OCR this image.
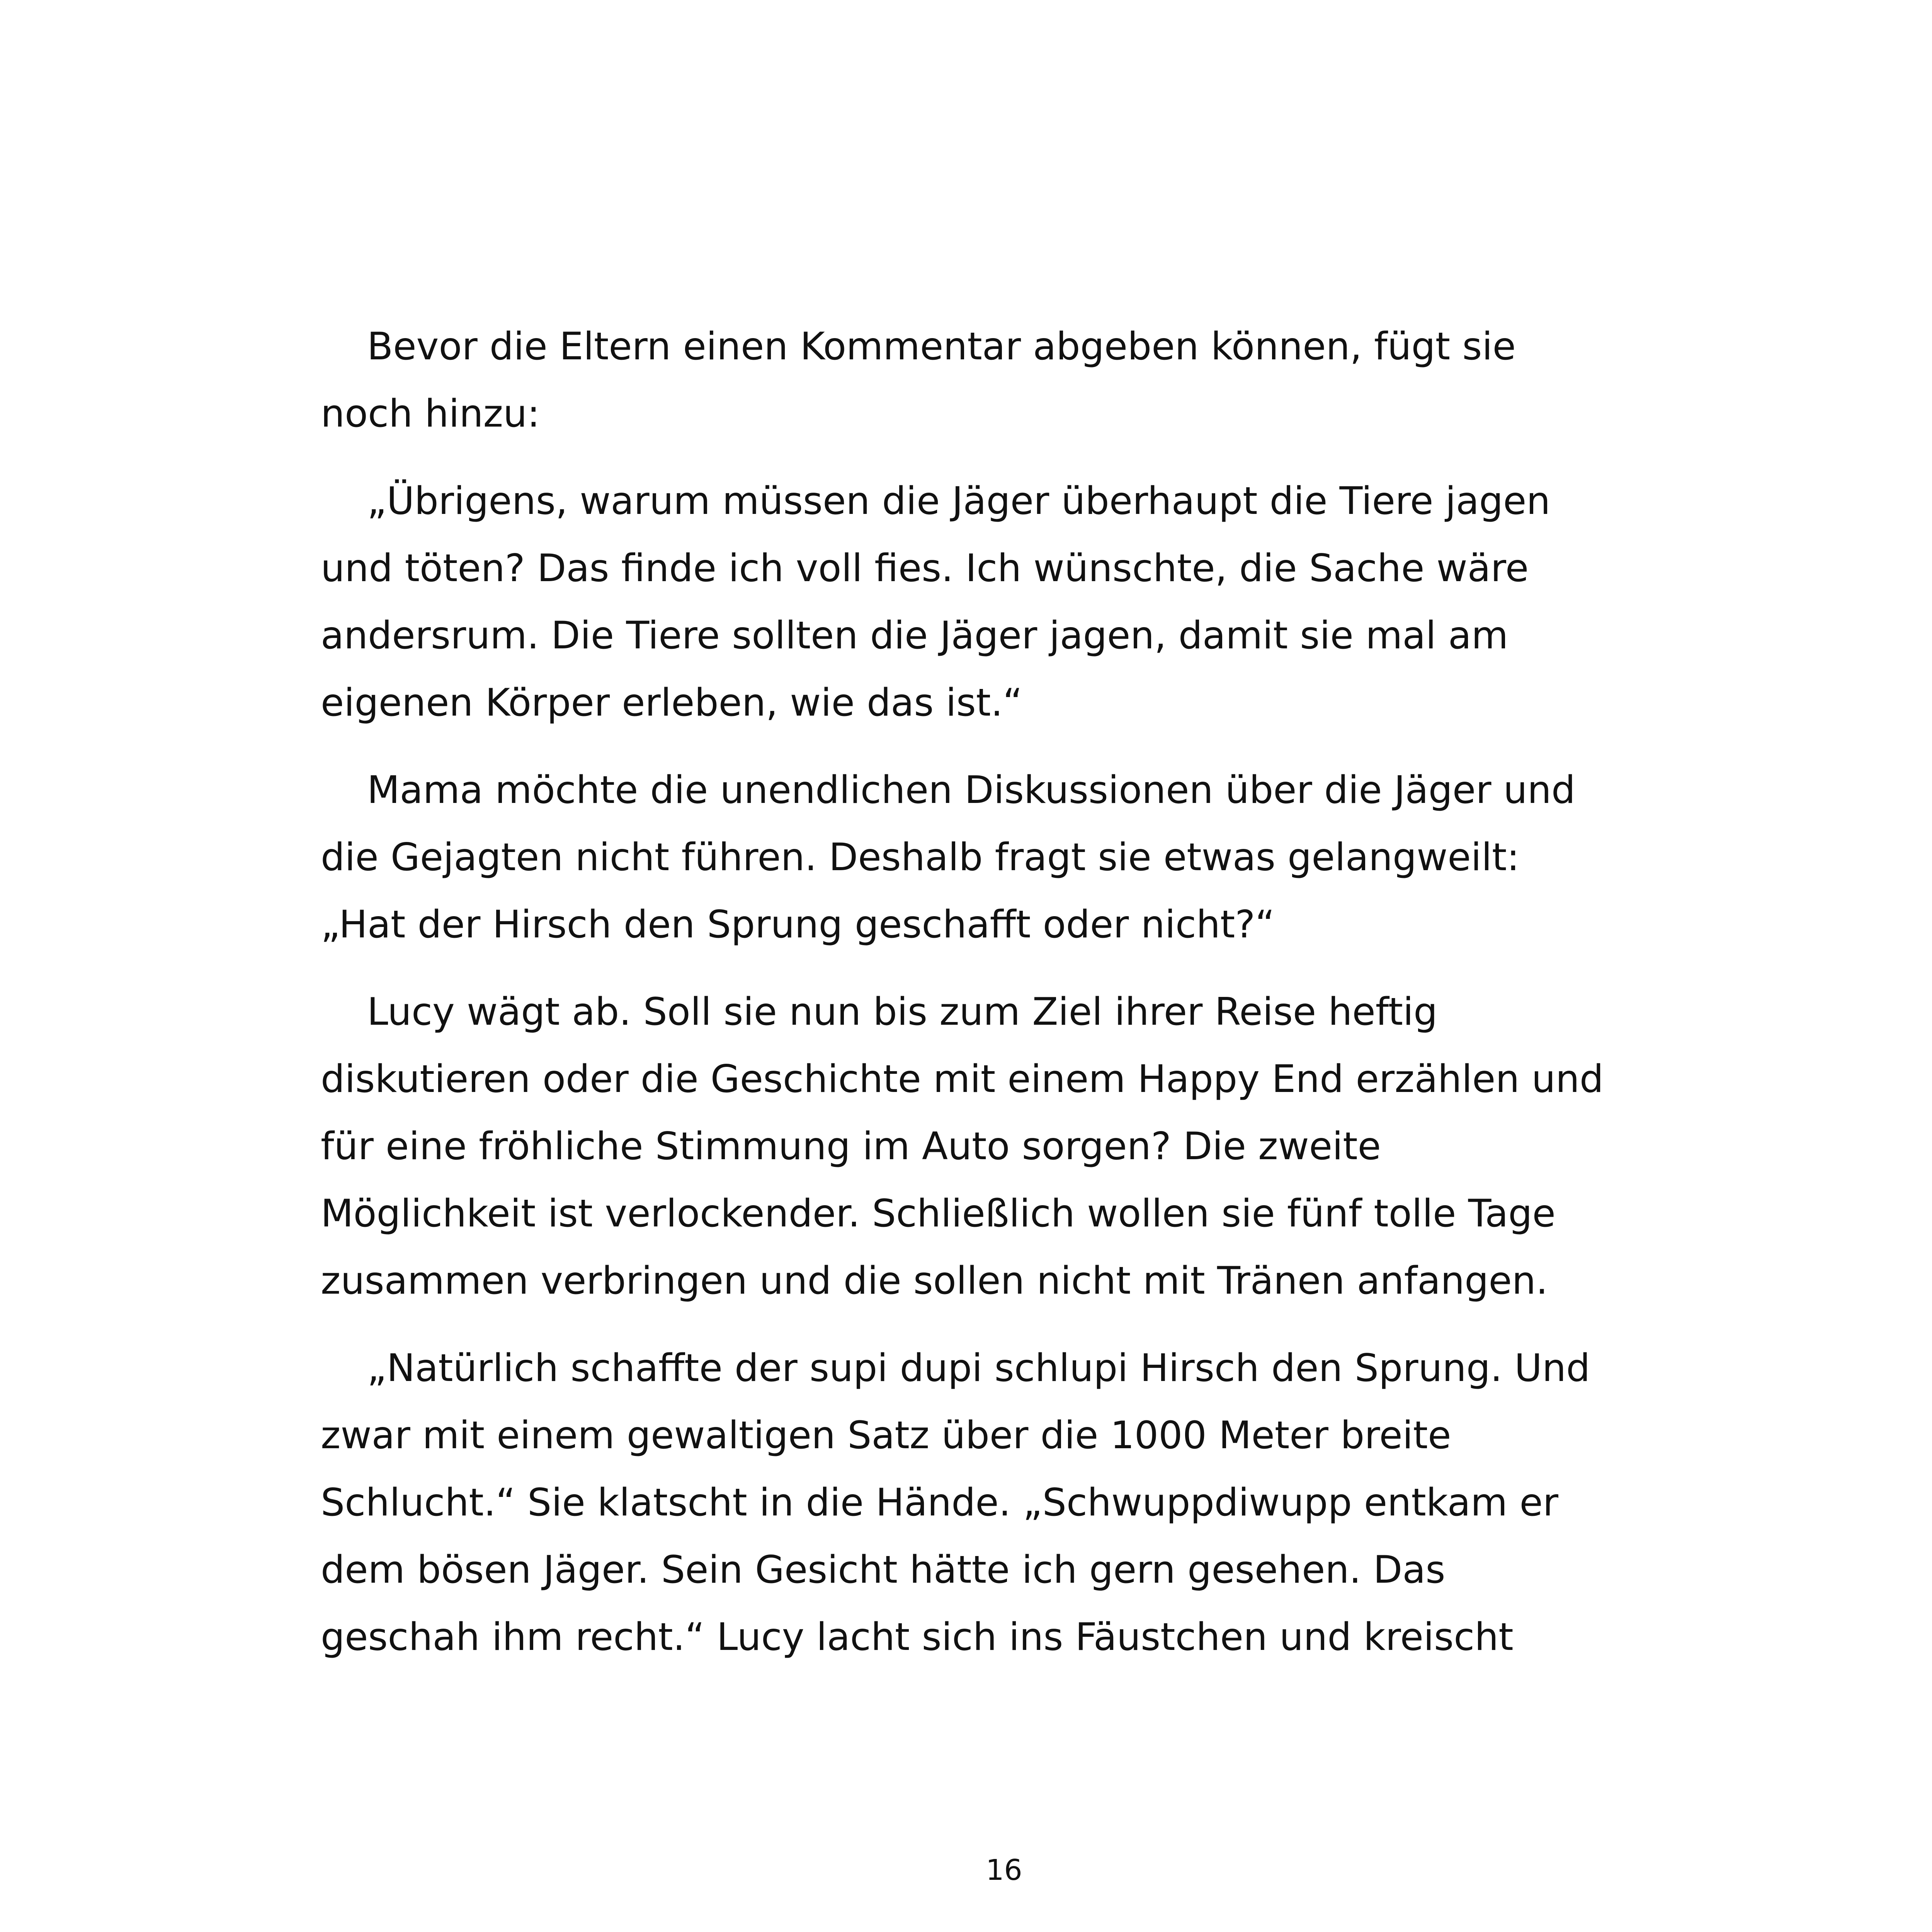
Bevor die Eltern einen Kommentar abgeben können, fügt sie
noch hinzu:
„Übrigens, warum müssen die Jäger überhaupt die Tiere jagen
und töten? Das finde ich voll fies. Ich wünschte, die Sache wäre
andersrum. Die Tiere sollten die Jäger jagen, damit sie mal am
eigenen Körper erleben, wie das ist.“
Mama möchte die unendlichen Diskussionen über die Jäger und
die Gejagten nicht führen. Deshalb fragt sie etwas gelangweilt:
„Hat der Hirsch den Sprung geschafft oder nicht?“
Lucy wägt ab. Soll sie nun bis zum Ziel ihrer Reise heftig
diskutieren oder die Geschichte mit einem Happy End erzählen und
für eine fröhliche Stimmung im Auto sorgen? Die zweite
Möglichkeit ist verlockender. Schließlich wollen sie fünf tolle Tage
zusammen verbringen und die sollen nicht mit Tränen anfangen.
„Natürlich schaffte der supi dupi schlupi Hirsch den Sprung. Und
zwar mit einem gewaltigen Satz über die 1000 Meter breite
Schlucht.“ Sie klatscht in die Hände. „Schwuppdiwupp entkam er
dem bösen Jäger. Sein Gesicht hätte ich gern gesehen. Das
geschah ihm recht.“ Lucy lacht sich ins Fäustchen und kreischt
16
